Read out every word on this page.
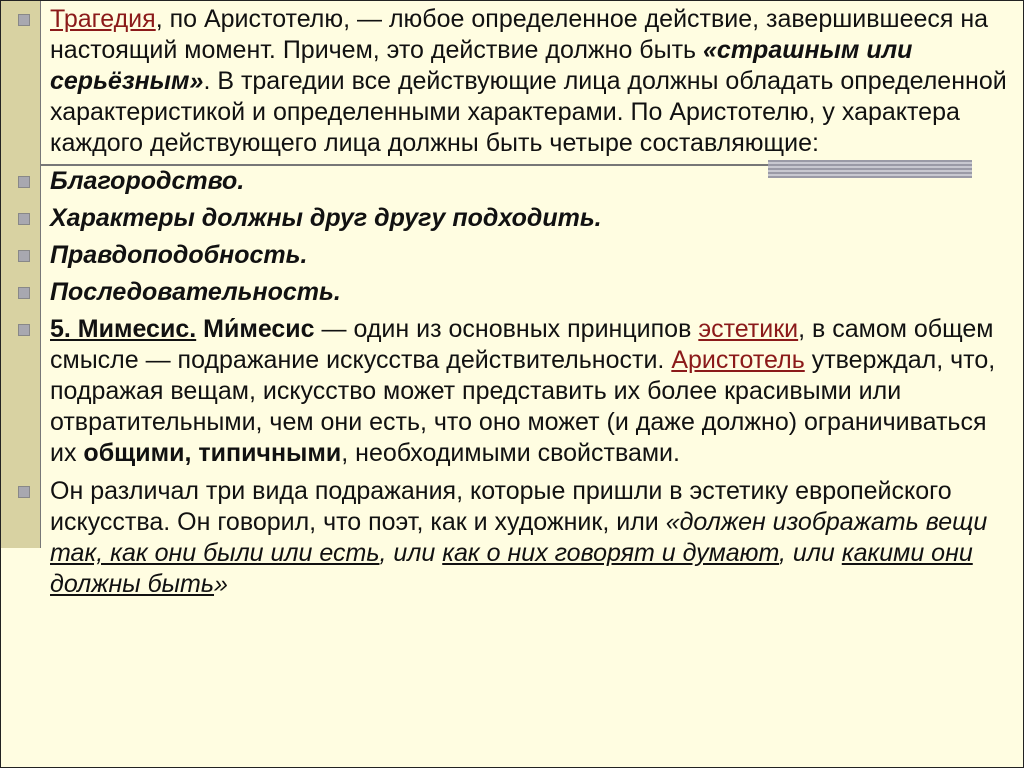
Трагедия, по Аристотелю, — любое определенное действие, завершившееся на настоящий момент. Причем, это действие должно быть «страшным или серьёзным». В трагедии все действующие лица должны обладать определенной характеристикой и определенными характерами. По Аристотелю, у характера каждого действующего лица должны быть четыре составляющие:

Благородство.

Характеры должны друг другу подходить.

Правдоподобность.

Последовательность.

5. Мимесис. Ми́месис — один из основных принципов эстетики, в самом общем смысле — подражание искусства действительности. Аристотель утверждал, что, подражая вещам, искусство может представить их более красивыми или отвратительными, чем они есть, что оно может (и даже должно) ограничиваться их общими, типичными, необходимыми свойствами.

Он различал три вида подражания, которые пришли в эстетику европейского искусства. Он говорил, что поэт, как и художник, или «должен изображать вещи так, как они были или есть, или как о них говорят и думают, или какими они должны быть»
